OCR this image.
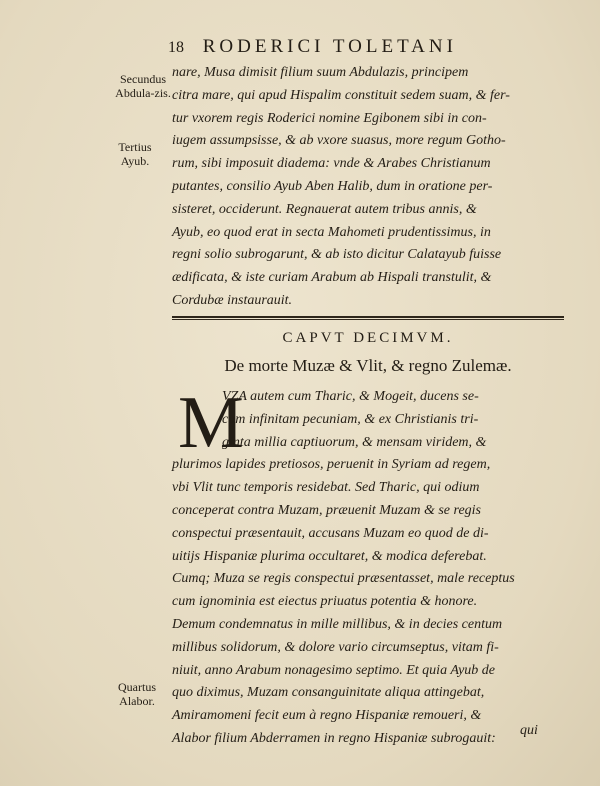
18 RODERICI TOLETANI
Secundus Abdula-zis.
Tertius Ayub.
Quartus Alabor.
nare, Musa dimisit filium suum Abdulazis, principem
citra mare, qui apud Hispalim constituit sedem suam, & fer-
tur vxorem regis Roderici nomine Egibonem sibi in con-
iugem assumpsisse, & ab vxore suasus, more regum Gotho-
rum, sibi imposuit diadema: vnde & Arabes Christianum
putantes, consilio Ayub Aben Halib, dum in oratione per-
sisteret, occiderunt. Regnauerat autem tribus annis, &
Ayub, eo quod erat in secta Mahometi prudentissimus, in
regni solio subrogarunt, & ab isto dicitur Calatayub fuisse
ædificata, & iste curiam Arabum ab Hispali transtulit, &
Cordubæ instaurauit.
CAPVT DECIMVM.
De morte Muzæ & Vlit, & regno Zulemæ.
M
VZA autem cum Tharic, & Mogeit, ducens se-
cum infinitam pecuniam, & ex Christianis tri-
ginta millia captiuorum, & mensam viridem, &
plurimos lapides pretiosos, peruenit in Syriam ad regem,
vbi Vlit tunc temporis residebat. Sed Tharic, qui odium
conceperat contra Muzam, præuenit Muzam & se regis
conspectui præsentauit, accusans Muzam eo quod de di-
uitijs Hispaniæ plurima occultaret, & modica deferebat.
Cumq; Muza se regis conspectui præsentasset, male receptus
cum ignominia est eiectus priuatus potentia & honore.
Demum condemnatus in mille millibus, & in decies centum
millibus solidorum, & dolore vario circumseptus, vitam fi-
niuit, anno Arabum nonagesimo septimo. Et quia Ayub de
quo diximus, Muzam consanguinitate aliqua attingebat,
Amiramomeni fecit eum à regno Hispaniæ remoueri, &
Alabor filium Abderramen in regno Hispaniæ subrogauit:
qui
